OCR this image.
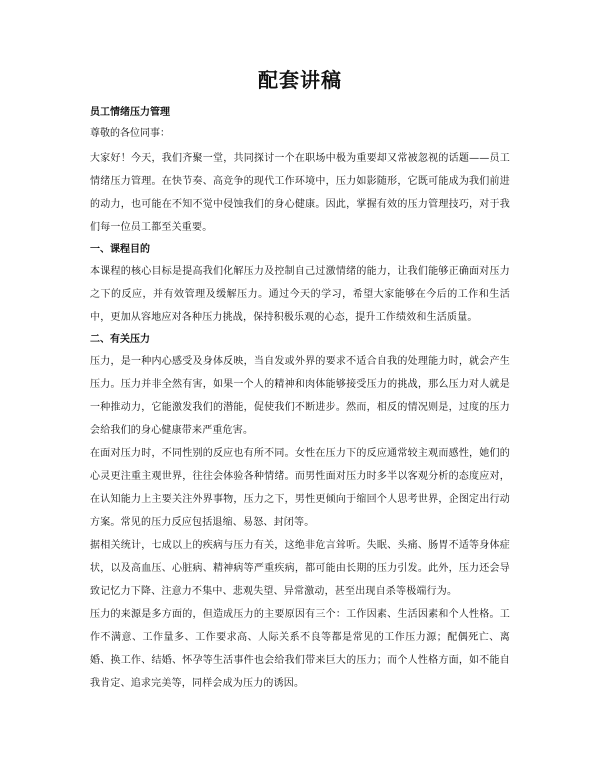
配套讲稿

员工情绪压力管理

尊敬的各位同事：

大家好！今天，我们齐聚一堂，共同探讨一个在职场中极为重要却又常被忽视的话题——员工情绪压力管理。在快节奏、高竞争的现代工作环境中，压力如影随形，它既可能成为我们前进的动力，也可能在不知不觉中侵蚀我们的身心健康。因此，掌握有效的压力管理技巧，对于我们每一位员工都至关重要。

一、课程目的

本课程的核心目标是提高我们化解压力及控制自己过激情绪的能力，让我们能够正确面对压力之下的反应，并有效管理及缓解压力。通过今天的学习，希望大家能够在今后的工作和生活中，更加从容地应对各种压力挑战，保持积极乐观的心态，提升工作绩效和生活质量。

二、有关压力

压力，是一种内心感受及身体反映，当自发或外界的要求不适合自我的处理能力时，就会产生压力。压力并非全然有害，如果一个人的精神和肉体能够接受压力的挑战，那么压力对人就是一种推动力，它能激发我们的潜能，促使我们不断进步。然而，相反的情况则是，过度的压力会给我们的身心健康带来严重危害。

在面对压力时，不同性别的反应也有所不同。女性在压力下的反应通常较主观而感性，她们的心灵更注重主观世界，往往会体验各种情绪。而男性面对压力时多半以客观分析的态度应对，在认知能力上主要关注外界事物，压力之下，男性更倾向于缩回个人思考世界，企图定出行动方案。常见的压力反应包括退缩、易怒、封闭等。

据相关统计，七成以上的疾病与压力有关，这绝非危言耸听。失眠、头痛、肠胃不适等身体症状，以及高血压、心脏病、精神病等严重疾病，都可能由长期的压力引发。此外，压力还会导致记忆力下降、注意力不集中、悲观失望、异常激动，甚至出现自杀等极端行为。

压力的来源是多方面的，但造成压力的主要原因有三个：工作因素、生活因素和个人性格。工作不满意、工作量多、工作要求高、人际关系不良等都是常见的工作压力源；配偶死亡、离婚、换工作、结婚、怀孕等生活事件也会给我们带来巨大的压力；而个人性格方面，如不能自我肯定、追求完美等，同样会成为压力的诱因。
